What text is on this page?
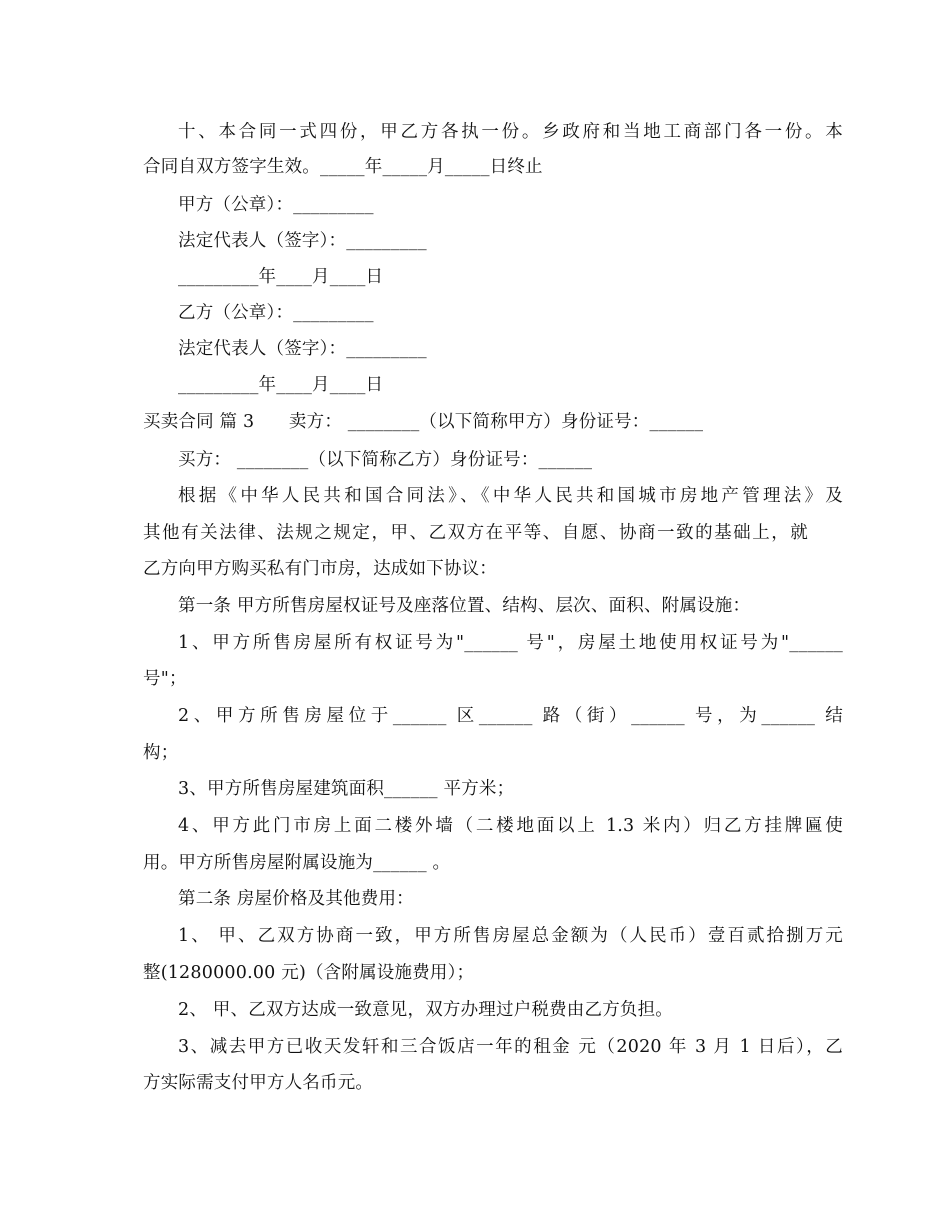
十、本合同一式四份，甲乙方各执一份。乡政府和当地工商部门各一份。本
合同自双方签字生效。_____年_____月_____日终止
甲方（公章）：_________
法定代表人（签字）：_________
_________年____月____日
乙方（公章）：_________
法定代表人（签字）：_________
_________年____月____日
买卖合同 篇 3      卖方： ________（以下简称甲方）身份证号：______
买方： ________（以下简称乙方）身份证号：______
根据《中华人民共和国合同法》、《中华人民共和国城市房地产管理法》及
其他有关法律、法规之规定，甲、乙双方在平等、自愿、协商一致的基础上，就
乙方向甲方购买私有门市房，达成如下协议：
第一条 甲方所售房屋权证号及座落位置、结构、层次、面积、附属设施：
1、甲方所售房屋所有权证号为"______ 号"，房屋土地使用权证号为"______
号"；
2、甲方所售房屋位于______ 区______ 路（街）______ 号，为______ 结
构；
3、甲方所售房屋建筑面积______ 平方米；
4、甲方此门市房上面二楼外墙（二楼地面以上 1.3 米内）归乙方挂牌匾使
用。甲方所售房屋附属设施为______ 。
第二条 房屋价格及其他费用：
1、 甲、乙双方协商一致，甲方所售房屋总金额为（人民币）壹百贰拾捌万元
整(1280000.00 元)（含附属设施费用）；
2、 甲、乙双方达成一致意见，双方办理过户税费由乙方负担。
3、减去甲方已收天发轩和三合饭店一年的租金 元（2020 年 3 月 1 日后），乙
方实际需支付甲方人名币元。
